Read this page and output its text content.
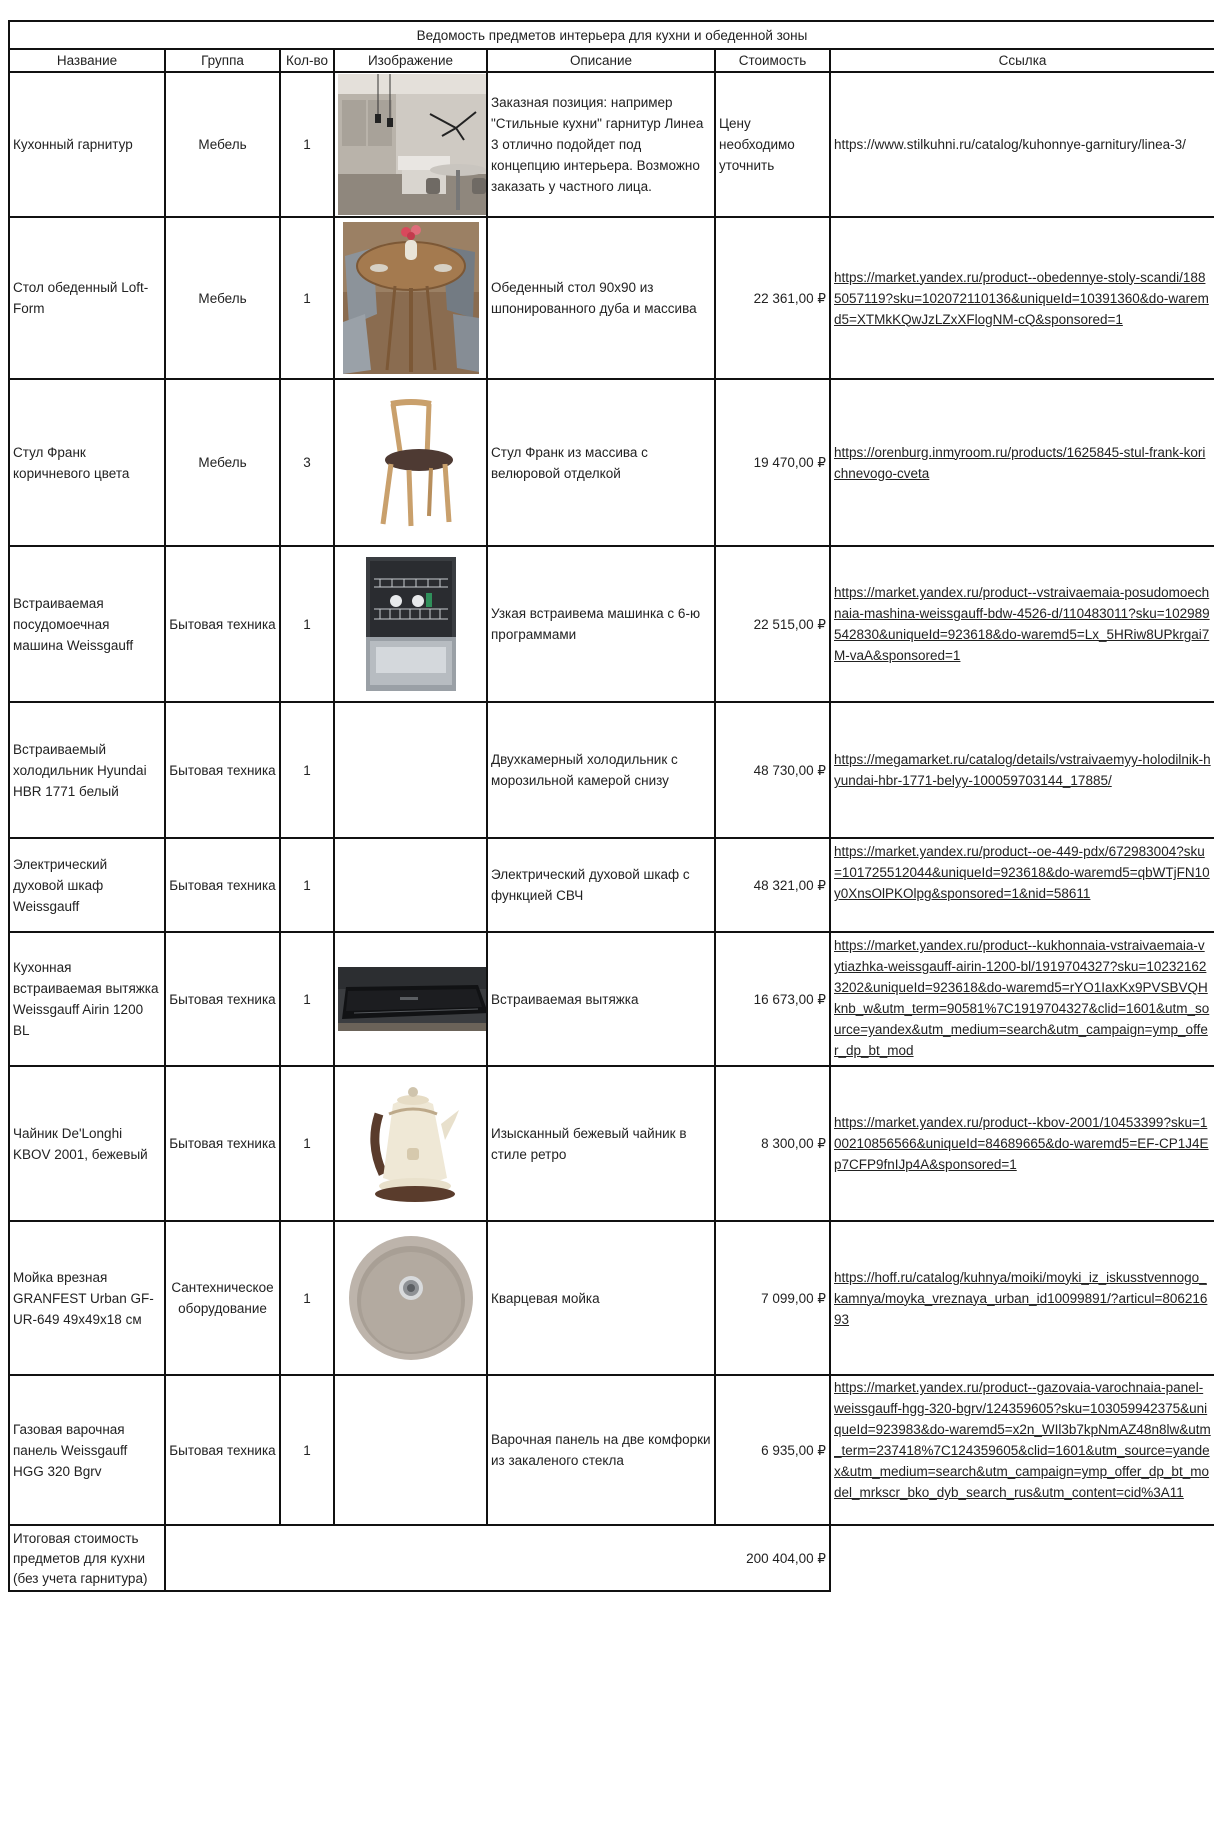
Ведомость предметов интерьера для кухни и обеденной зоны						
Название	Группа	Кол-во	Изображение	Описание	Стоимость	Ссылка
Кухонный гарнитур	Мебель	1		Заказная позиция: например "Стильные кухни" гарнитур Линеа 3 отлично подойдет под концепцию интерьера. Возможно заказать у частного лица.	Цену необходимо уточнить	https://www.stilkuhni.ru/catalog/kuhonnye-garnitury/linea-3/

Стол обеденный Loft-Form	Мебель	1		Обеденный стол 90х90 из шпонированного дуба и массива	22 361,00 ₽	https://market.yandex.ru/product--obedennye-stoly-scandi/1885057119?sku=102072110136&uniqueId=10391360&do-waremd5=XTMkKQwJzLZxXFlogNM-cQ&sponsored=1

Стул Франк коричневого цвета	Мебель	3		Стул Франк из массива с велюровой отделкой	19 470,00 ₽	https://orenburg.inmyroom.ru/products/1625845-stul-frank-korichnevogo-cveta

Встраиваемая посудомоечная машина Weissgauff	Бытовая техника	1		Узкая встраивема машинка с 6-ю программами	22 515,00 ₽	https://market.yandex.ru/product--vstraivaemaia-posudomoechnaia-mashina-weissgauff-bdw-4526-d/110483011?sku=102989542830&uniqueId=923618&do-waremd5=Lx_5HRiw8UPkrgai7M-vaA&sponsored=1

Встраиваемый холодильник Hyundai HBR 1771 белый	Бытовая техника	1		Двухкамерный холодильник с морозильной камерой снизу	48 730,00 ₽	https://megamarket.ru/catalog/details/vstraivaemyy-holodilnik-hyundai-hbr-1771-belyy-100059703144_17885/

Электрический духовой шкаф Weissgauff	Бытовая техника	1		Электрический духовой шкаф с функцией СВЧ	48 321,00 ₽	https://market.yandex.ru/product--oe-449-pdx/672983004?sku=101725512044&uniqueId=923618&do-waremd5=qbWTjFN10y0XnsOlPKOlpg&sponsored=1&nid=58611

Кухонная встраиваемая вытяжка Weissgauff Airin 1200 BL	Бытовая техника	1		Встраиваемая вытяжка	16 673,00 ₽	https://market.yandex.ru/product--kukhonnaia-vstraivaemaia-vytiazhka-weissgauff-airin-1200-bl/1919704327?sku=102321623202&uniqueId=923618&do-waremd5=rYO1IaxKx9PVSBVQHknb_w&utm_term=90581%7C1919704327&clid=1601&utm_source=yandex&utm_medium=search&utm_campaign=ymp_offer_dp_bt_mod

Чайник De'Longhi KBOV 2001, бежевый	Бытовая техника	1		Изысканный бежевый чайник в стиле ретро	8 300,00 ₽	https://market.yandex.ru/product--kbov-2001/10453399?sku=100210856566&uniqueId=84689665&do-waremd5=EF-CP1J4Ep7CFP9fnIJp4A&sponsored=1

Мойка врезная GRANFEST Urban GF-UR-649 49х49х18 см	Сантехническое оборудование	1		Кварцевая мойка	7 099,00 ₽	https://hoff.ru/catalog/kuhnya/moiki/moyki_iz_iskusstvennogo_kamnya/moyka_vreznaya_urban_id10099891/?articul=80621693

Газовая варочная панель Weissgauff HGG 320 Bgrv	Бытовая техника	1		Варочная панель на две комфорки из закаленого стекла	6 935,00 ₽	https://market.yandex.ru/product--gazovaia-varochnaia-panel-weissgauff-hgg-320-bgrv/124359605?sku=103059942375&uniqueId=923983&do-waremd5=x2n_WIl3b7kpNmAZ48n8lw&utm_term=237418%7C124359605&clid=1601&utm_source=yandex&utm_medium=search&utm_campaign=ymp_offer_dp_bt_model_mrkscr_bko_dyb_search_rus&utm_content=cid%3A11

Итоговая стоимость предметов для кухни (без учета гарнитура)	200 404,00 ₽					
